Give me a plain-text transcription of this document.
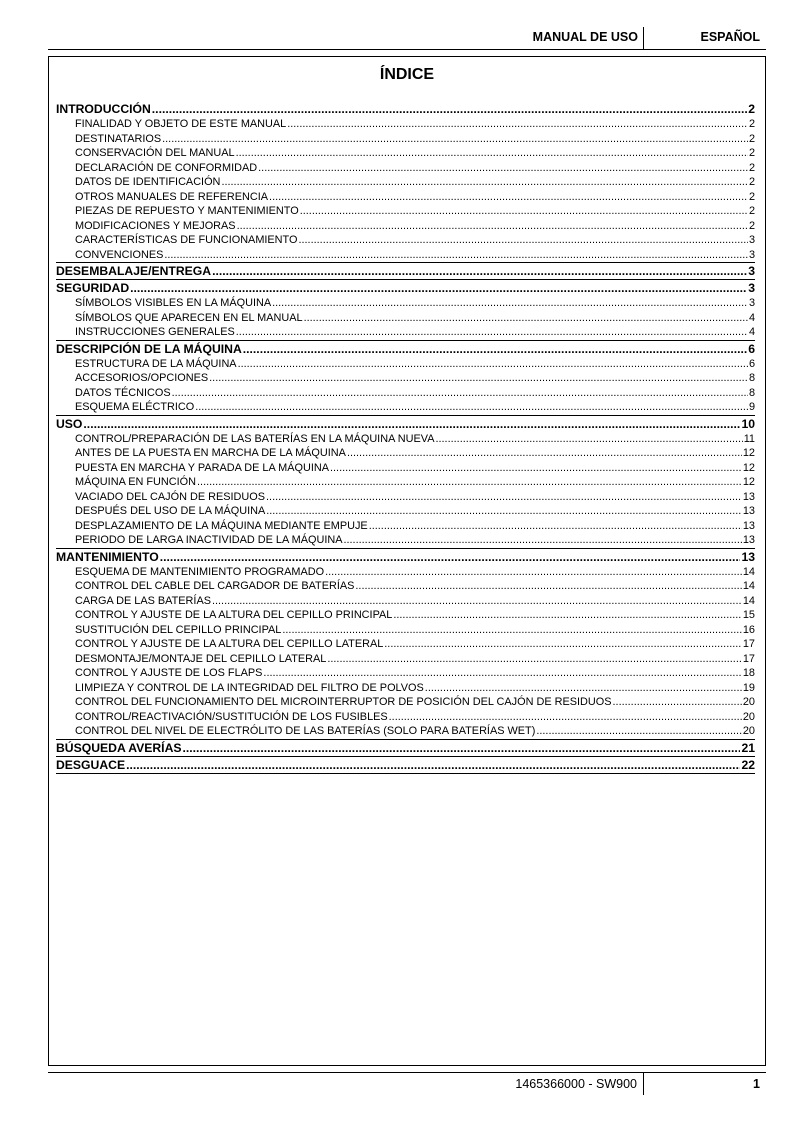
MANUAL DE USO	ESPAÑOL
ÍNDICE
INTRODUCCIÓN .....	2
FINALIDAD Y OBJETO DE ESTE MANUAL .....	2
DESTINATARIOS .....	2
CONSERVACIÓN DEL MANUAL .....	2
DECLARACIÓN DE CONFORMIDAD .....	2
DATOS DE IDENTIFICACIÓN .....	2
OTROS MANUALES DE REFERENCIA .....	2
PIEZAS DE REPUESTO Y MANTENIMIENTO .....	2
MODIFICACIONES Y MEJORAS .....	2
CARACTERÍSTICAS DE FUNCIONAMIENTO .....	3
CONVENCIONES .....	3
DESEMBALAJE/ENTREGA .....	3
SEGURIDAD .....	3
SÍMBOLOS VISIBLES EN LA MÁQUINA .....	3
SÍMBOLOS QUE APARECEN EN EL MANUAL .....	4
INSTRUCCIONES GENERALES .....	4
DESCRIPCIÓN DE LA MÁQUINA .....	6
ESTRUCTURA DE LA MÁQUINA .....	6
ACCESORIOS/OPCIONES .....	8
DATOS TÉCNICOS .....	8
ESQUEMA ELÉCTRICO .....	9
USO .....	10
CONTROL/PREPARACIÓN DE LAS BATERÍAS EN LA MÁQUINA NUEVA .....	11
ANTES DE LA PUESTA EN MARCHA DE LA MÁQUINA .....	12
PUESTA EN MARCHA Y PARADA DE LA MÁQUINA .....	12
MÁQUINA EN FUNCIÓN .....	12
VACIADO DEL CAJÓN DE RESIDUOS .....	13
DESPUÉS DEL USO DE LA MÁQUINA .....	13
DESPLAZAMIENTO DE LA MÁQUINA MEDIANTE EMPUJE .....	13
PERIODO DE LARGA INACTIVIDAD DE LA MÁQUINA .....	13
MANTENIMIENTO .....	13
ESQUEMA DE MANTENIMIENTO PROGRAMADO .....	14
CONTROL DEL CABLE DEL CARGADOR DE BATERÍAS .....	14
CARGA DE LAS BATERÍAS .....	14
CONTROL Y AJUSTE DE LA ALTURA DEL CEPILLO PRINCIPAL .....	15
SUSTITUCIÓN DEL CEPILLO PRINCIPAL .....	16
CONTROL Y AJUSTE DE LA ALTURA DEL CEPILLO LATERAL .....	17
DESMONTAJE/MONTAJE DEL CEPILLO LATERAL .....	17
CONTROL Y AJUSTE DE LOS FLAPS .....	18
LIMPIEZA Y CONTROL DE LA INTEGRIDAD DEL FILTRO DE POLVOS .....	19
CONTROL DEL FUNCIONAMIENTO DEL MICROINTERRUPTOR DE POSICIÓN DEL CAJÓN DE RESIDUOS .....	20
CONTROL/REACTIVACIÓN/SUSTITUCIÓN DE LOS FUSIBLES .....	20
CONTROL DEL NIVEL DE ELECTRÓLITO DE LAS BATERÍAS (SOLO PARA BATERÍAS WET) .....	20
BÚSQUEDA AVERÍAS .....	21
DESGUACE .....	22
1465366000 - SW900	1
